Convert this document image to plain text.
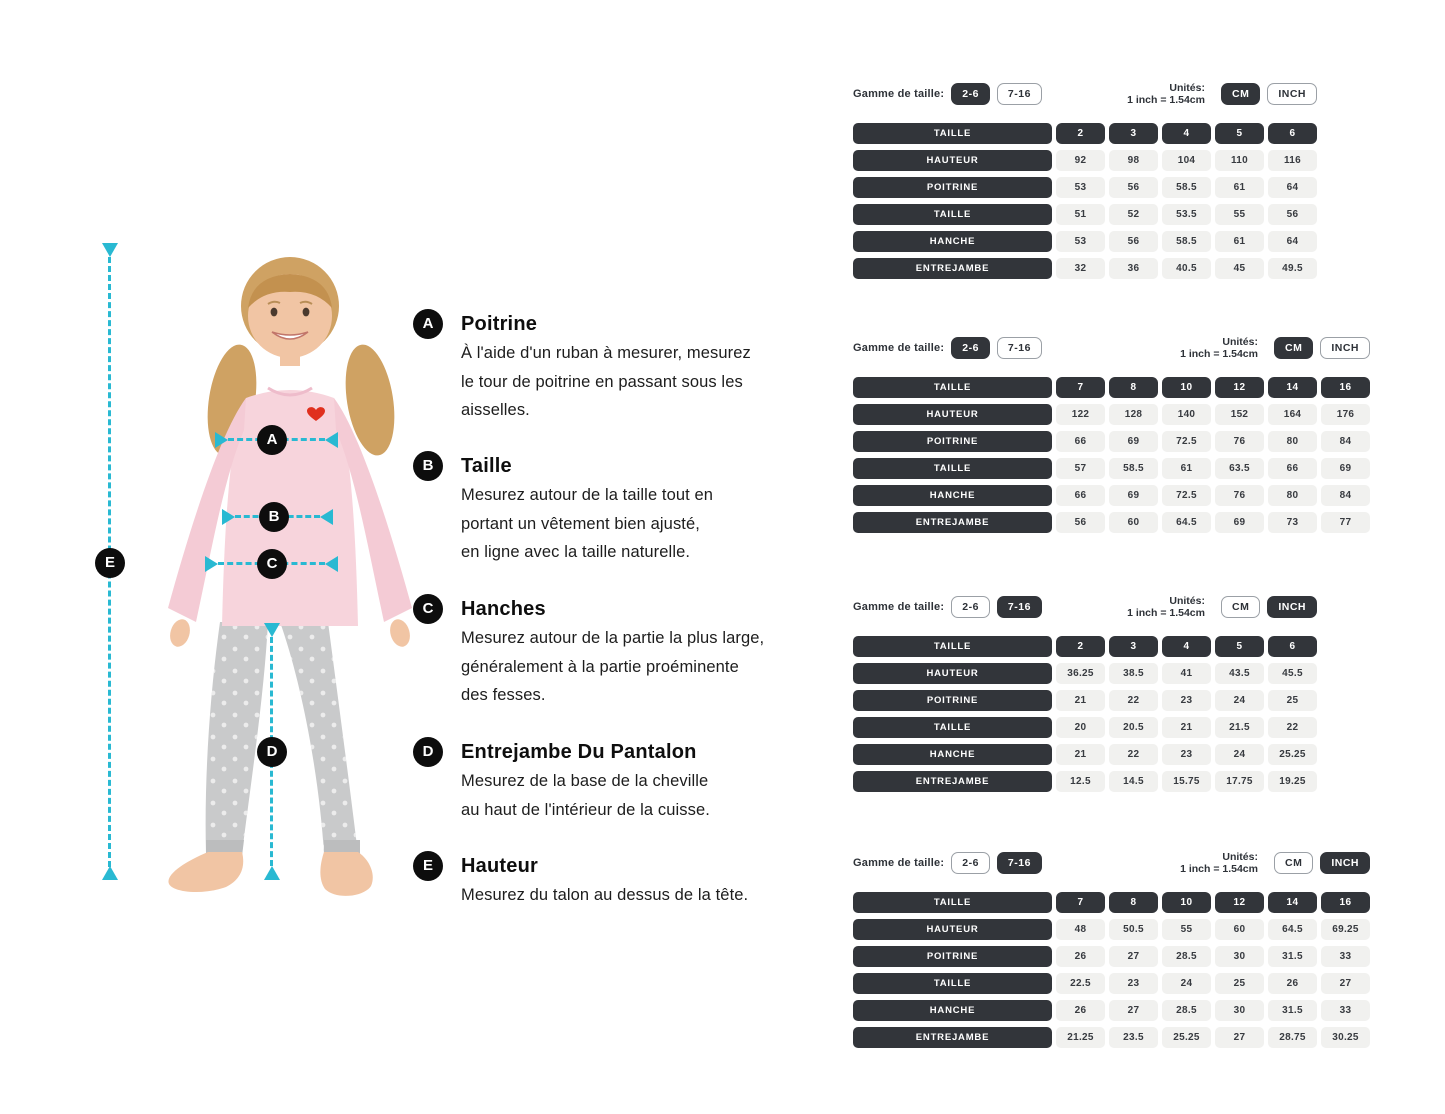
E
A
B
C
D
A	Poitrine
À l'aide d'un ruban à mesurer, mesurez
le tour de poitrine en passant sous les
aisselles.
B	Taille
Mesurez autour de la taille tout en
portant un vêtement bien ajusté,
en ligne avec la taille naturelle.
C	Hanches
Mesurez autour de la partie la plus large,
généralement à la partie proéminente
des fesses.
D	Entrejambe Du Pantalon
Mesurez de la base de la cheville
au haut de l'intérieur de la cuisse.
E	Hauteur
Mesurez du talon au dessus de la tête.
Gamme de taille:	2-6	7-16	Unités:
1 inch = 1.54cm	CM	INCH
TAILLE	2	3	4	5	6
HAUTEUR	92	98	104	110	116
POITRINE	53	56	58.5	61	64
TAILLE	51	52	53.5	55	56
HANCHE	53	56	58.5	61	64
ENTREJAMBE	32	36	40.5	45	49.5
Gamme de taille:	2-6	7-16	Unités:
1 inch = 1.54cm	CM	INCH
TAILLE	7	8	10	12	14	16
HAUTEUR	122	128	140	152	164	176
POITRINE	66	69	72.5	76	80	84
TAILLE	57	58.5	61	63.5	66	69
HANCHE	66	69	72.5	76	80	84
ENTREJAMBE	56	60	64.5	69	73	77
Gamme de taille:	2-6	7-16	Unités:
1 inch = 1.54cm	CM	INCH
TAILLE	2	3	4	5	6
HAUTEUR	36.25	38.5	41	43.5	45.5
POITRINE	21	22	23	24	25
TAILLE	20	20.5	21	21.5	22
HANCHE	21	22	23	24	25.25
ENTREJAMBE	12.5	14.5	15.75	17.75	19.25
Gamme de taille:	2-6	7-16	Unités:
1 inch = 1.54cm	CM	INCH
TAILLE	7	8	10	12	14	16
HAUTEUR	48	50.5	55	60	64.5	69.25
POITRINE	26	27	28.5	30	31.5	33
TAILLE	22.5	23	24	25	26	27
HANCHE	26	27	28.5	30	31.5	33
ENTREJAMBE	21.25	23.5	25.25	27	28.75	30.25
